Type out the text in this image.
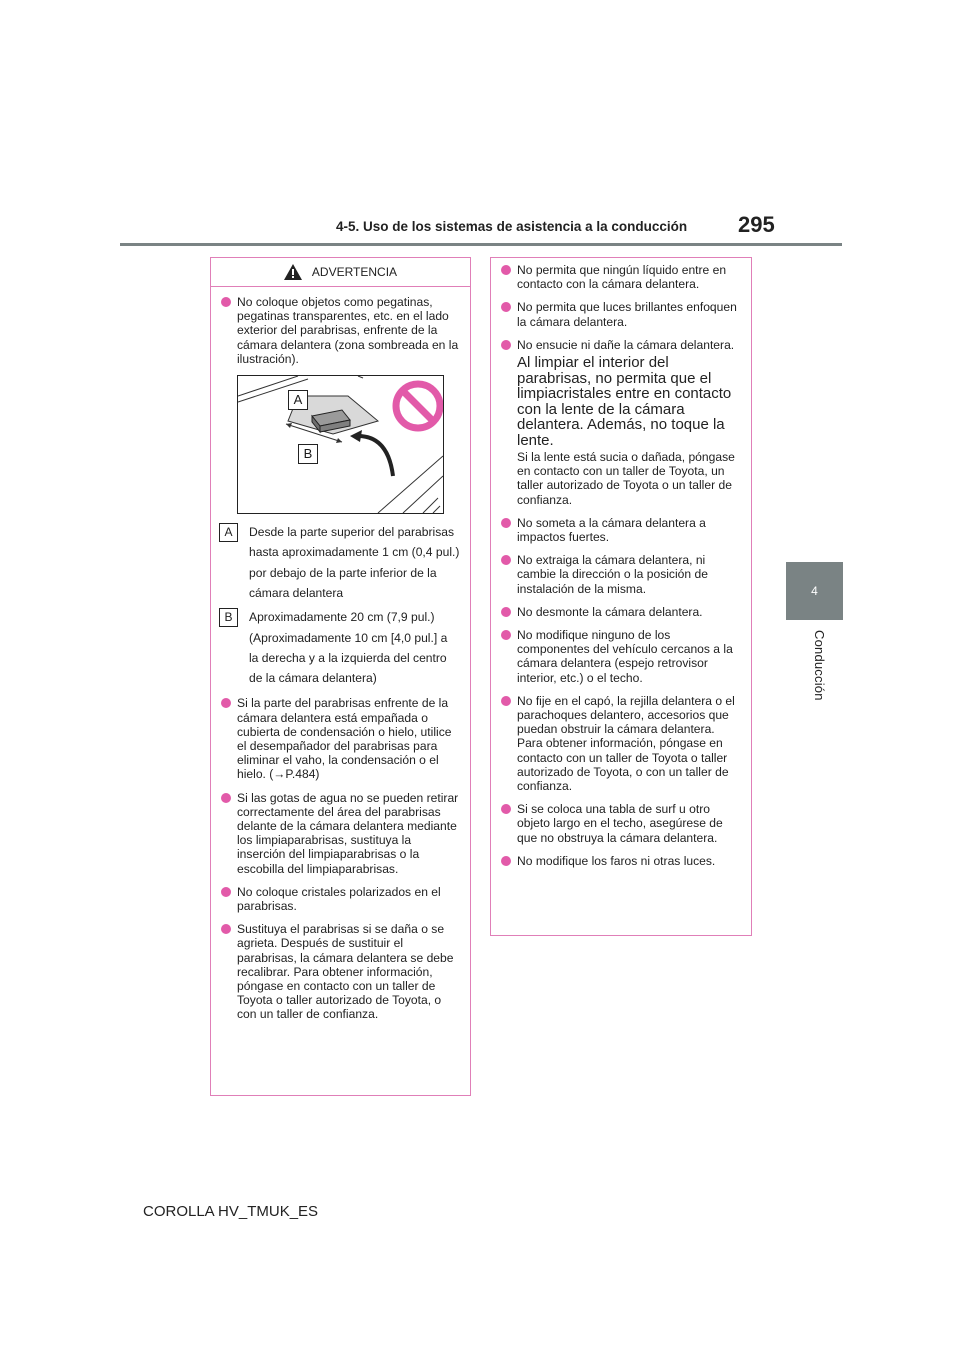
4-5. Uso de los sistemas de asistencia a la conducción 295
4
Conducción
ADVERTENCIA
No coloque objetos como pegatinas, pegatinas transparentes, etc. en el lado exterior del parabrisas, enfrente de la cámara delantera (zona sombreada en la ilustración).
A
B
A	Desde la parte superior del parabrisas hasta aproximadamente 1 cm (0,4 pul.) por debajo de la parte inferior de la cámara delantera
B	Aproximadamente 20 cm (7,9 pul.) (Aproximadamente 10 cm [4,0 pul.] a la derecha y a la izquierda del centro de la cámara delantera)
Si la parte del parabrisas enfrente de la cámara delantera está empañada o cubierta de condensación o hielo, utilice el desempañador del parabrisas para eliminar el vaho, la condensación o el hielo. (→P.484)
Si las gotas de agua no se pueden retirar correctamente del área del parabrisas delante de la cámara delantera mediante los limpiaparabrisas, sustituya la inserción del limpiaparabrisas o la escobilla del limpiaparabrisas.
No coloque cristales polarizados en el parabrisas.
Sustituya el parabrisas si se daña o se agrieta. Después de sustituir el parabrisas, la cámara delantera se debe recalibrar. Para obtener información, póngase en contacto con un taller de Toyota o taller autorizado de Toyota, o con un taller de confianza.
No permita que ningún líquido entre en contacto con la cámara delantera.
No permita que luces brillantes enfoquen la cámara delantera.
No ensucie ni dañe la cámara delantera.
Al limpiar el interior del parabrisas, no permita que el limpiacristales entre en contacto con la lente de la cámara delantera. Además, no toque la lente.
Si la lente está sucia o dañada, póngase en contacto con un taller de Toyota, un taller autorizado de Toyota o un taller de confianza.
No someta a la cámara delantera a impactos fuertes.
No extraiga la cámara delantera, ni cambie la dirección o la posición de instalación de la misma.
No desmonte la cámara delantera.
No modifique ninguno de los componentes del vehículo cercanos a la cámara delantera (espejo retrovisor interior, etc.) o el techo.
No fije en el capó, la rejilla delantera o el parachoques delantero, accesorios que puedan obstruir la cámara delantera. Para obtener información, póngase en contacto con un taller de Toyota o taller autorizado de Toyota, o con un taller de confianza.
Si se coloca una tabla de surf u otro objeto largo en el techo, asegúrese de que no obstruya la cámara delantera.
No modifique los faros ni otras luces.
COROLLA HV_TMUK_ES
